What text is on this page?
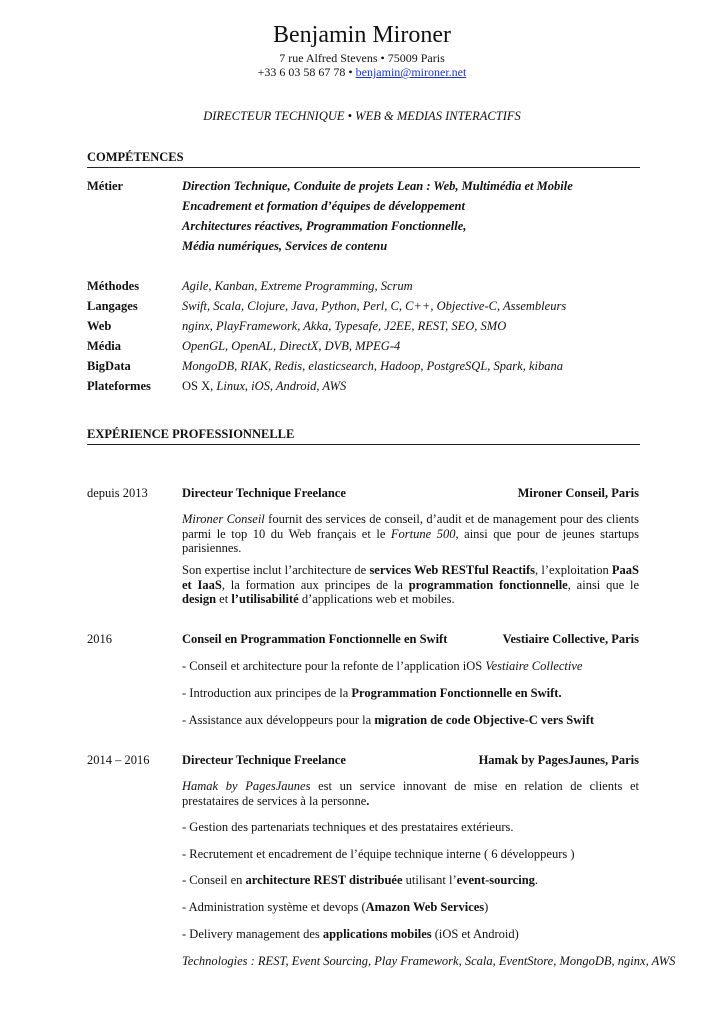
Benjamin Mironer
7 rue Alfred Stevens • 75009 Paris
+33 6 03 58 67 78 • benjamin@mironer.net
DIRECTEUR TECHNIQUE • WEB & MEDIAS INTERACTIFS
COMPÉTENCES
Métier	Direction Technique, Conduite de projets Lean : Web, Multimédia et Mobile
Encadrement et formation d’équipes de développement
Architectures réactives, Programmation Fonctionnelle,
Média numériques, Services de contenu
Méthodes	Agile, Kanban, Extreme Programming, Scrum
Langages	Swift, Scala, Clojure, Java, Python, Perl, C, C++, Objective-C, Assembleurs
Web	nginx, PlayFramework, Akka, Typesafe, J2EE, REST, SEO, SMO
Média	OpenGL, OpenAL, DirectX, DVB, MPEG-4
BigData	MongoDB, RIAK, Redis, elasticsearch, Hadoop, PostgreSQL, Spark, kibana
Plateformes OS X, Linux, iOS, Android, AWS
EXPÉRIENCE PROFESSIONNELLE
depuis 2013	Directeur Technique Freelance	Mironer Conseil, Paris
Mironer Conseil fournit des services de conseil, d’audit et de management pour des clients parmi le top 10 du Web français et le Fortune 500, ainsi que pour de jeunes startups parisiennes.
Son expertise inclut l’architecture de services Web RESTful Reactifs, l’exploitation PaaS et IaaS, la formation aux principes de la programmation fonctionnelle, ainsi que le design et l’utilisabilité d’applications web et mobiles.
2016	Conseil en Programmation Fonctionnelle en Swift	Vestiaire Collective, Paris
- Conseil et architecture pour la refonte de l’application iOS Vestiaire Collective
- Introduction aux principes de la Programmation Fonctionnelle en Swift.
- Assistance aux développeurs pour la migration de code Objective-C vers Swift
2014 – 2016	Directeur Technique Freelance	Hamak by PagesJaunes, Paris
Hamak by PagesJaunes est un service innovant de mise en relation de clients et prestataires de services à la personne.
- Gestion des partenariats techniques et des prestataires extérieurs.
- Recrutement et encadrement de l’équipe technique interne ( 6 développeurs )
- Conseil en architecture REST distribuée utilisant l’event-sourcing.
- Administration système et devops (Amazon Web Services)
- Delivery management des applications mobiles (iOS et Android)
Technologies : REST, Event Sourcing, Play Framework, Scala, EventStore, MongoDB, nginx, AWS
